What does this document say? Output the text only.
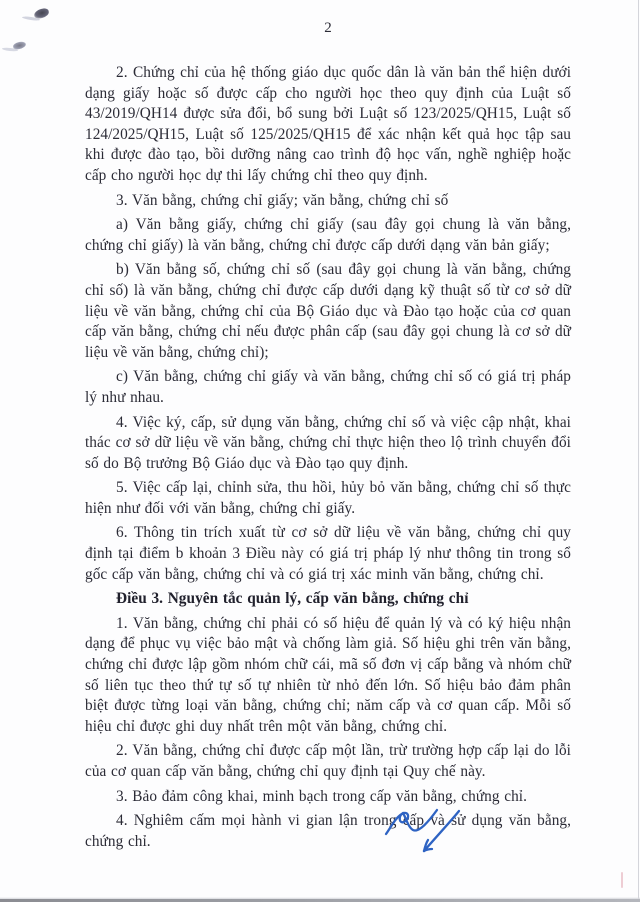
2

2. Chứng chỉ của hệ thống giáo dục quốc dân là văn bản thể hiện dưới dạng giấy hoặc số được cấp cho người học theo quy định của Luật số 43/2019/QH14 được sửa đổi, bổ sung bởi Luật số 123/2025/QH15, Luật số 124/2025/QH15, Luật số 125/2025/QH15 để xác nhận kết quả học tập sau khi được đào tạo, bồi dưỡng nâng cao trình độ học vấn, nghề nghiệp hoặc cấp cho người học dự thi lấy chứng chỉ theo quy định.

3. Văn bằng, chứng chỉ giấy; văn bằng, chứng chỉ số

a) Văn bằng giấy, chứng chỉ giấy (sau đây gọi chung là văn bằng, chứng chỉ giấy) là văn bằng, chứng chỉ được cấp dưới dạng văn bản giấy;

b) Văn bằng số, chứng chỉ số (sau đây gọi chung là văn bằng, chứng chỉ số) là văn bằng, chứng chỉ được cấp dưới dạng kỹ thuật số từ cơ sở dữ liệu về văn bằng, chứng chỉ của Bộ Giáo dục và Đào tạo hoặc của cơ quan cấp văn bằng, chứng chỉ nếu được phân cấp (sau đây gọi chung là cơ sở dữ liệu về văn bằng, chứng chỉ);

c) Văn bằng, chứng chỉ giấy và văn bằng, chứng chỉ số có giá trị pháp lý như nhau.

4. Việc ký, cấp, sử dụng văn bằng, chứng chỉ số và việc cập nhật, khai thác cơ sở dữ liệu về văn bằng, chứng chỉ thực hiện theo lộ trình chuyển đổi số do Bộ trưởng Bộ Giáo dục và Đào tạo quy định.

5. Việc cấp lại, chỉnh sửa, thu hồi, hủy bỏ văn bằng, chứng chỉ số thực hiện như đối với văn bằng, chứng chỉ giấy.

6. Thông tin trích xuất từ cơ sở dữ liệu về văn bằng, chứng chỉ quy định tại điểm b khoản 3 Điều này có giá trị pháp lý như thông tin trong sổ gốc cấp văn bằng, chứng chỉ và có giá trị xác minh văn bằng, chứng chỉ.

Điều 3. Nguyên tắc quản lý, cấp văn bằng, chứng chỉ

1. Văn bằng, chứng chỉ phải có số hiệu để quản lý và có ký hiệu nhận dạng để phục vụ việc bảo mật và chống làm giả. Số hiệu ghi trên văn bằng, chứng chỉ được lập gồm nhóm chữ cái, mã số đơn vị cấp bằng và nhóm chữ số liên tục theo thứ tự số tự nhiên từ nhỏ đến lớn. Số hiệu bảo đảm phân biệt được từng loại văn bằng, chứng chỉ; năm cấp và cơ quan cấp. Mỗi số hiệu chỉ được ghi duy nhất trên một văn bằng, chứng chỉ.

2. Văn bằng, chứng chỉ được cấp một lần, trừ trường hợp cấp lại do lỗi của cơ quan cấp văn bằng, chứng chỉ quy định tại Quy chế này.

3. Bảo đảm công khai, minh bạch trong cấp văn bằng, chứng chỉ.

4. Nghiêm cấm mọi hành vi gian lận trong cấp và sử dụng văn bằng, chứng chỉ.
